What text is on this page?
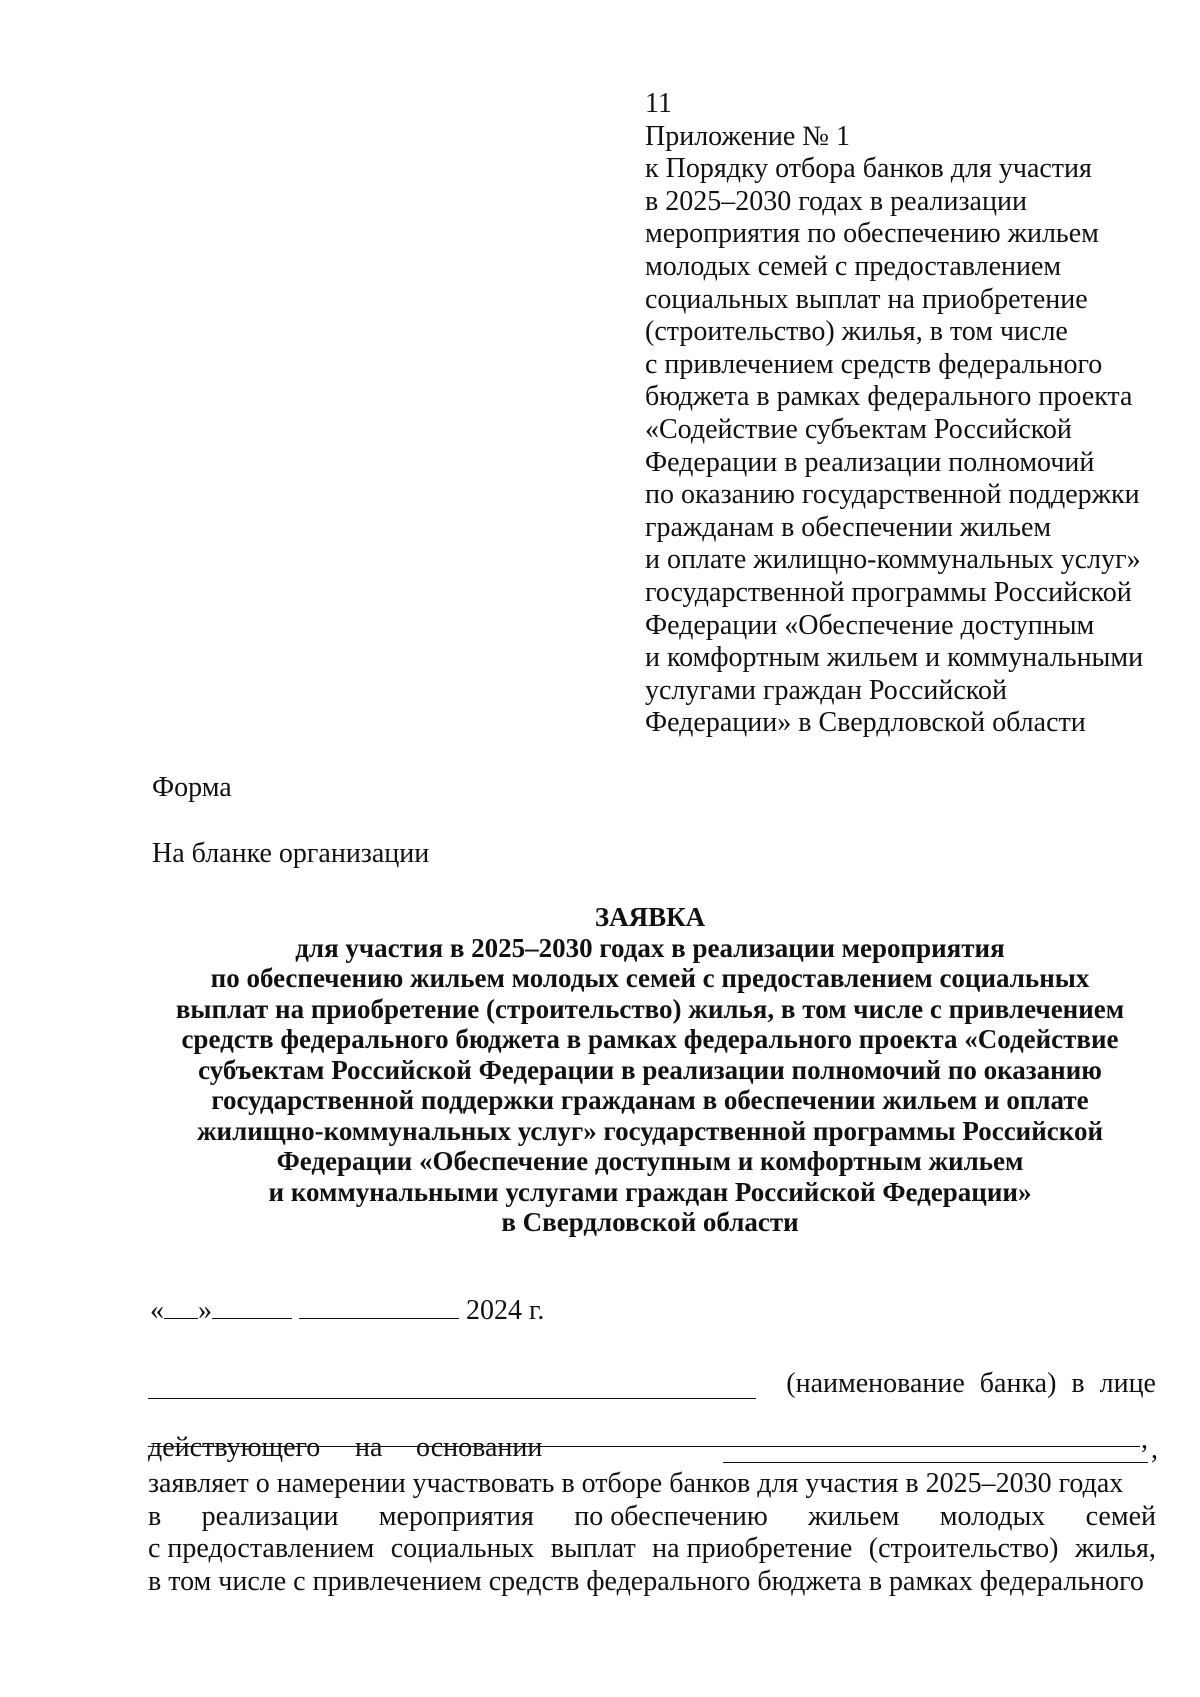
11
Приложение № 1
к Порядку отбора банков для участия
в 2025–2030 годах в реализации
мероприятия по обеспечению жильем
молодых семей с предоставлением
социальных выплат на приобретение
(строительство) жилья, в том числе
с привлечением средств федерального
бюджета в рамках федерального проекта
«Содействие субъектам Российской
Федерации в реализации полномочий
по оказанию государственной поддержки
гражданам в обеспечении жильем
и оплате жилищно-коммунальных услуг»
государственной программы Российской
Федерации «Обеспечение доступным
и комфортным жильем и коммунальными
услугами граждан Российской
Федерации» в Свердловской области
Форма
На бланке организации
ЗАЯВКА
для участия в 2025–2030 годах в реализации мероприятия
по обеспечению жильем молодых семей с предоставлением социальных
выплат на приобретение (строительство) жилья, в том числе с привлечением
средств федерального бюджета в рамках федерального проекта «Содействие
субъектам Российской Федерации в реализации полномочий по оказанию
государственной поддержки гражданам в обеспечении жильем и оплате
жилищно-коммунальных услуг» государственной программы Российской
Федерации «Обеспечение доступным и комфортным жильем
и коммунальными услугами граждан Российской Федерации»
в Свердловской области
« »	2024 г.
(наименование банка) в лице
,
действующего на основании	,
заявляет о намерении участвовать в отборе банков для участия в 2025–2030 годах
в реализации мероприятия по обеспечению жильем молодых семей
с предоставлением социальных выплат на приобретение (строительство) жилья,
в том числе с привлечением средств федерального бюджета в рамках федерального
